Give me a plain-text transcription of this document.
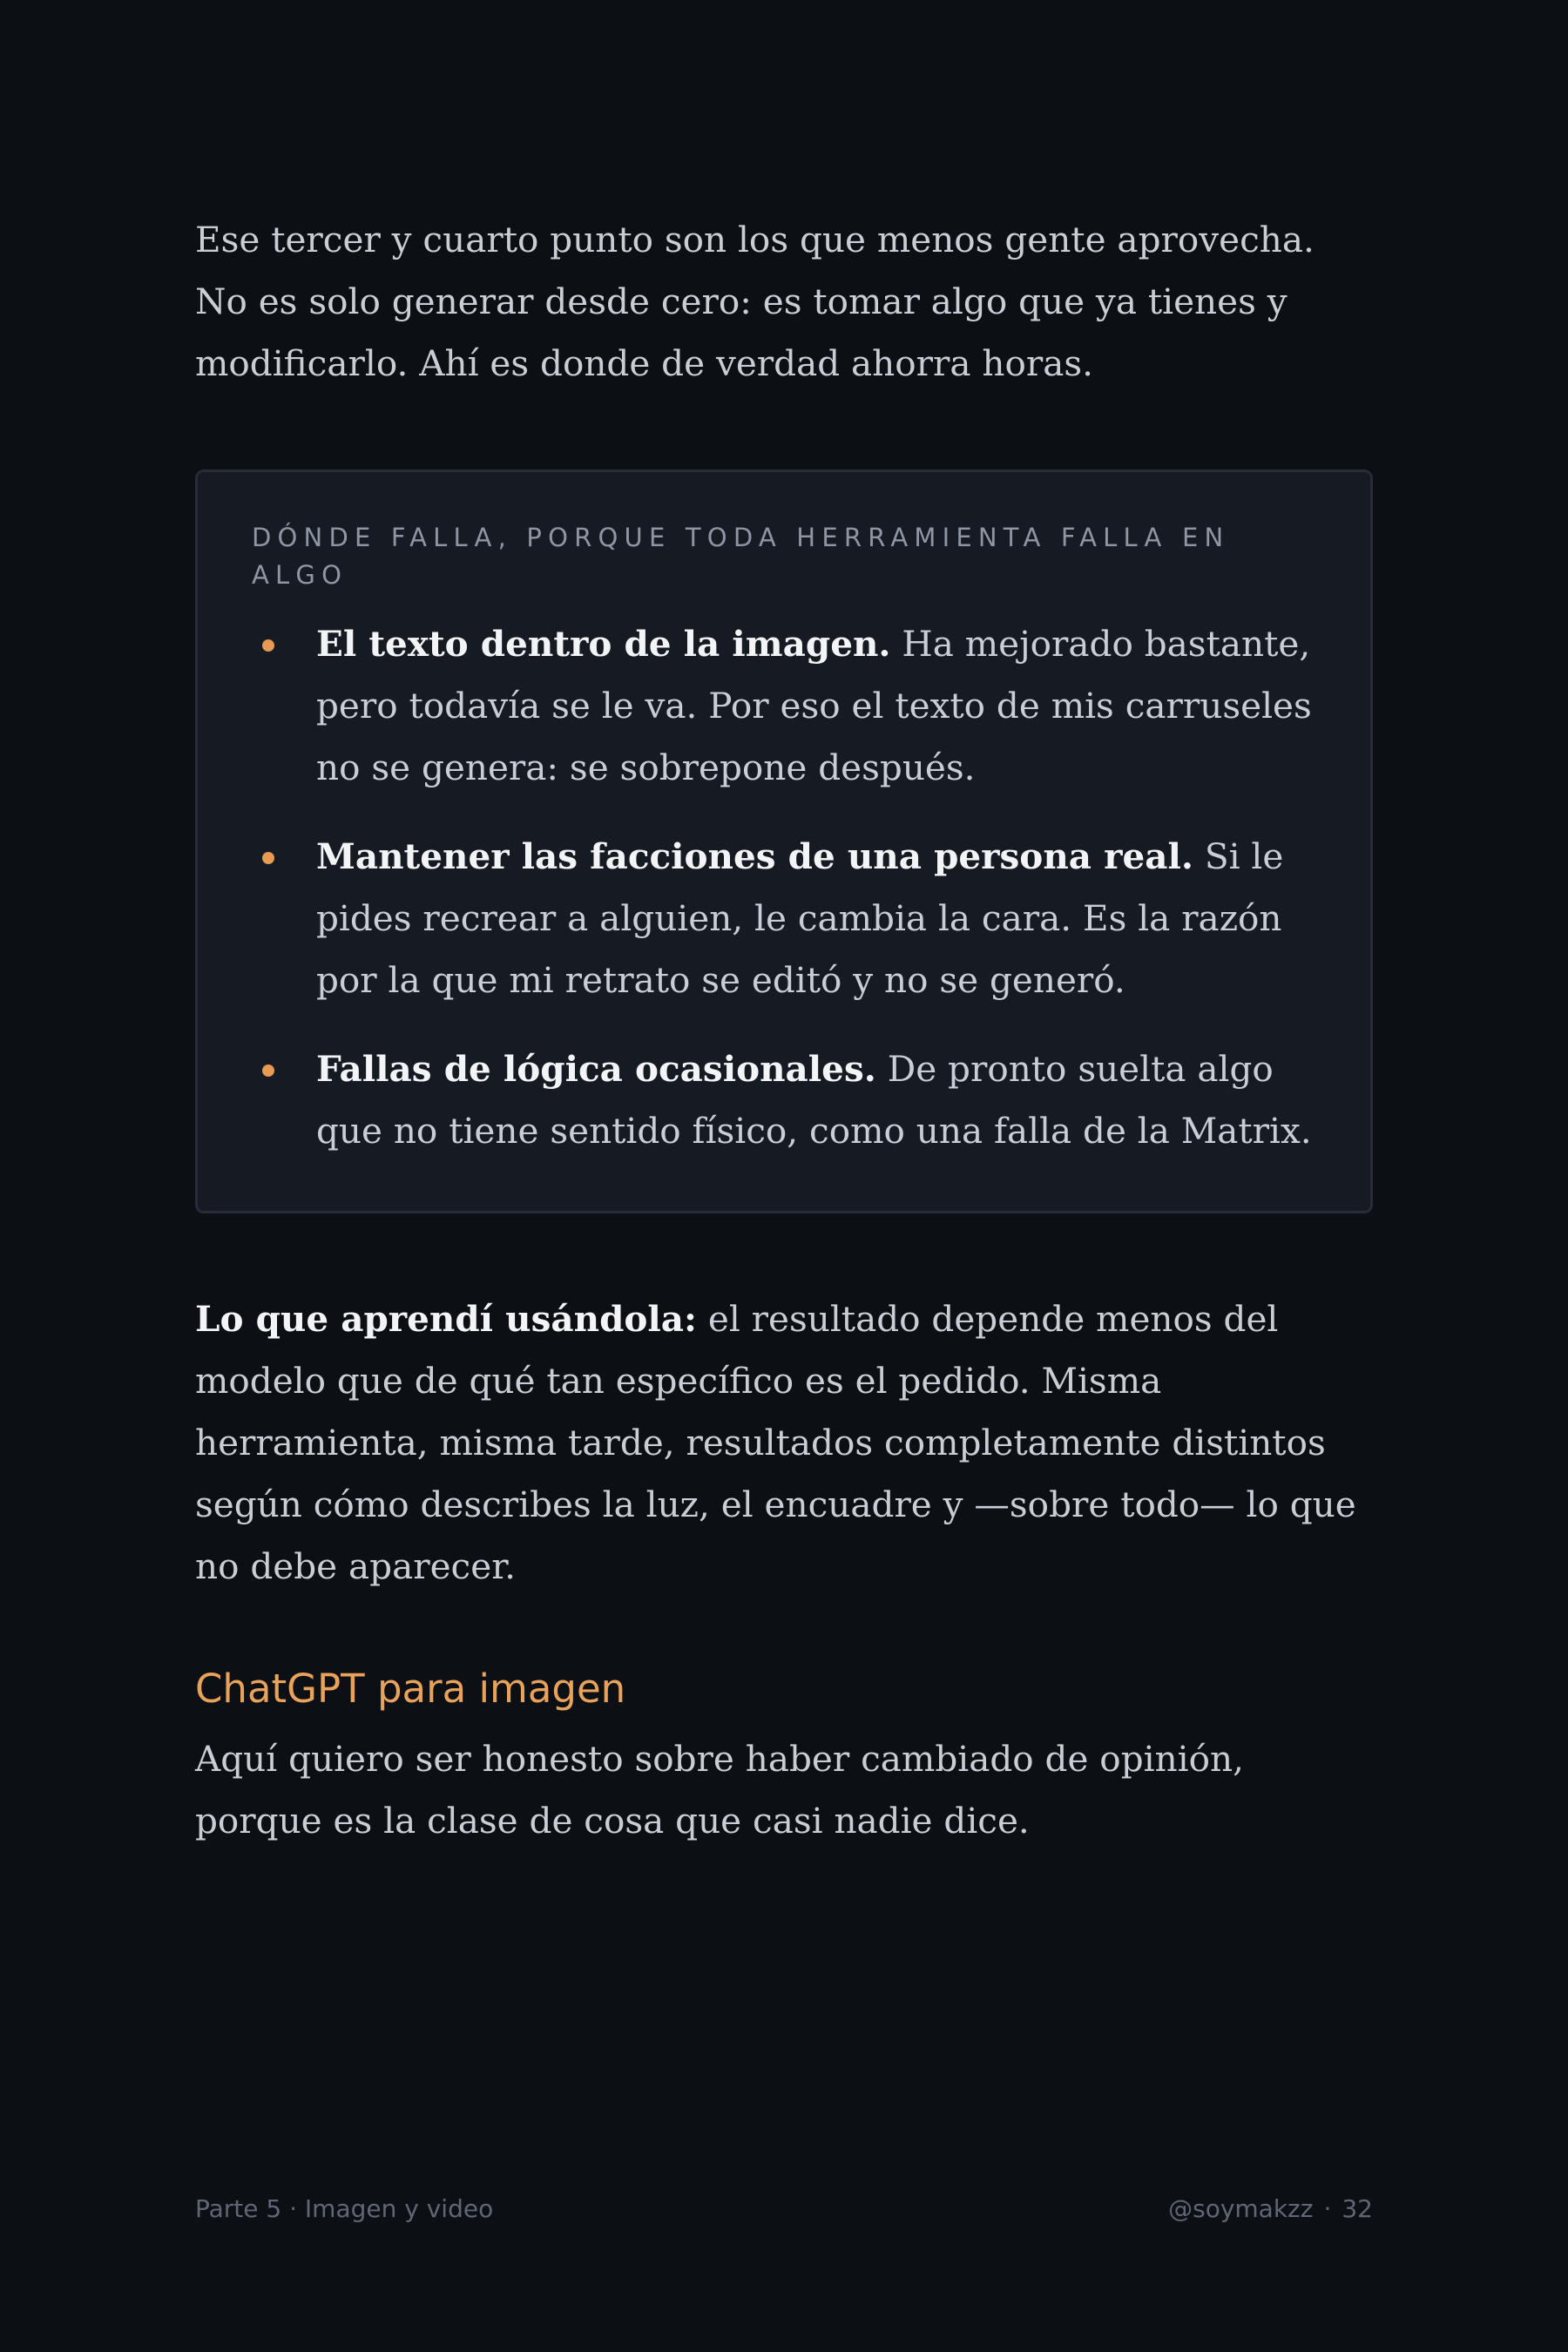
Ese tercer y cuarto punto son los que menos gente aprovecha. No es solo generar desde cero: es tomar algo que ya tienes y modificarlo. Ahí es donde de verdad ahorra horas.

DÓNDE FALLA, PORQUE TODA HERRAMIENTA FALLA EN ALGO
El texto dentro de la imagen. Ha mejorado bastante, pero todavía se le va. Por eso el texto de mis carruseles no se genera: se sobrepone después.
Mantener las facciones de una persona real. Si le pides recrear a alguien, le cambia la cara. Es la razón por la que mi retrato se editó y no se generó.
Fallas de lógica ocasionales. De pronto suelta algo que no tiene sentido físico, como una falla de la Matrix.

Lo que aprendí usándola: el resultado depende menos del modelo que de qué tan específico es el pedido. Misma herramienta, misma tarde, resultados completamente distintos según cómo describes la luz, el encuadre y —sobre todo— lo que no debe aparecer.

ChatGPT para imagen

Aquí quiero ser honesto sobre haber cambiado de opinión, porque es la clase de cosa que casi nadie dice.

Parte 5 · Imagen y video	@soymakzz · 32
